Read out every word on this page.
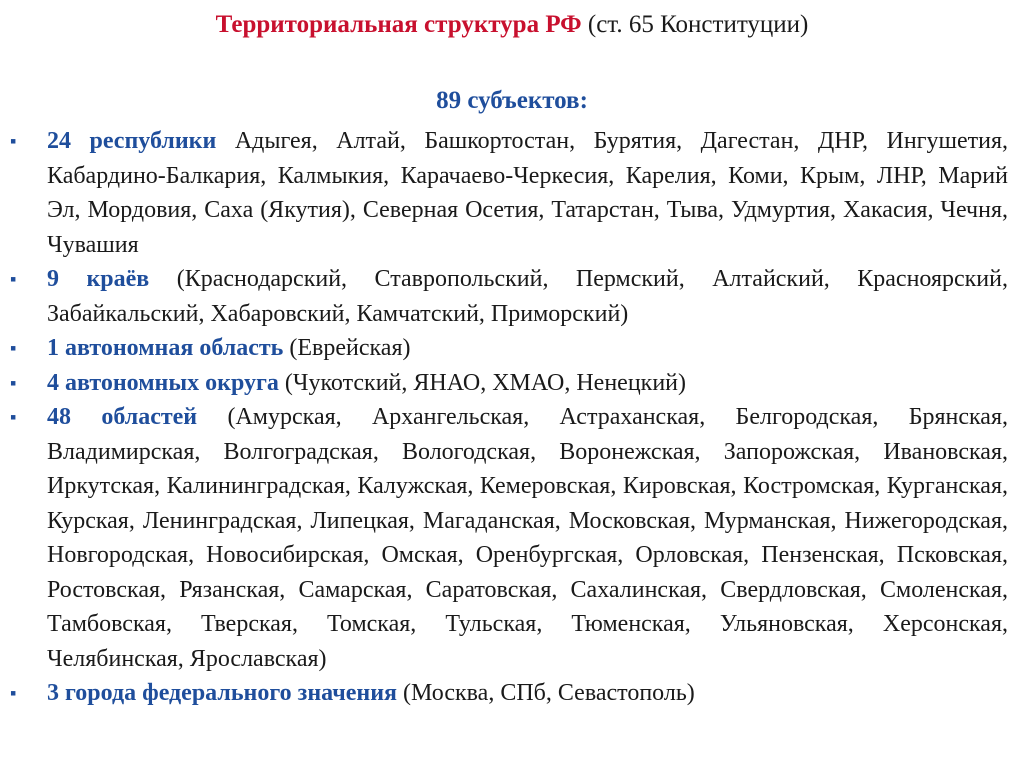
Территориальная структура РФ (ст. 65 Конституции)
89 субъектов:
▪ 24 республики Адыгея, Алтай, Башкортостан, Бурятия, Дагестан, ДНР, Ингушетия, Кабардино-Балкария, Калмыкия, Карачаево-Черкесия, Карелия, Коми, Крым, ЛНР, Марий Эл, Мордовия, Саха (Якутия), Северная Осетия, Татарстан, Тыва, Удмуртия, Хакасия, Чечня, Чувашия

▪ 9 краёв (Краснодарский, Ставропольский, Пермский, Алтайский, Красноярский, Забайкальский, Хабаровский, Камчатский, Приморский)

▪ 1 автономная область (Еврейская)

▪ 4 автономных округа (Чукотский, ЯНАО, ХМАО, Ненецкий)

▪ 48 областей (Амурская, Архангельская, Астраханская, Белгородская, Брянская, Владимирская, Волгоградская, Вологодская, Воронежская, Запорожская, Ивановская, Иркутская, Калининградская, Калужская, Кемеровская, Кировская, Костромская, Курганская, Курская, Ленинградская, Липецкая, Магаданская, Московская, Мурманская, Нижегородская, Новгородская, Новосибирская, Омская, Оренбургская, Орловская, Пензенская, Псковская, Ростовская, Рязанская, Самарская, Саратовская, Сахалинская, Свердловская, Смоленская, Тамбовская, Тверская, Томская, Тульская, Тюменская, Ульяновская, Херсонская, Челябинская, Ярославская)

▪ 3 города федерального значения (Москва, СПб, Севастополь)
